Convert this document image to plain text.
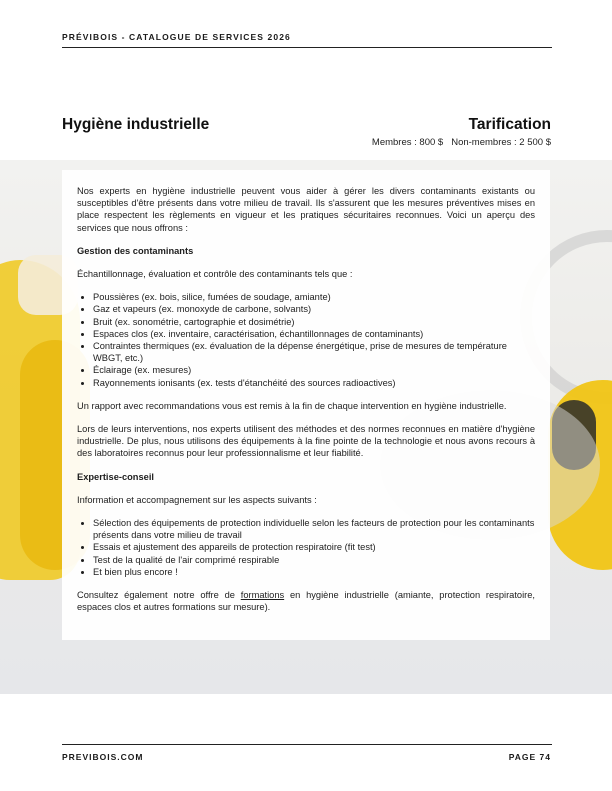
PRÉVIBOIS - CATALOGUE DE SERVICES 2026
Hygiène industrielle	Tarification
Membres : 800 $ Non-membres : 2 500 $

Nos experts en hygiène industrielle peuvent vous aider à gérer les divers contaminants existants ou susceptibles d'être présents dans votre milieu de travail. Ils s'assurent que les mesures préventives mises en place respectent les règlements en vigueur et les pratiques sécuritaires reconnues. Voici un aperçu des services que nous offrons :

Gestion des contaminants

Échantillonnage, évaluation et contrôle des contaminants tels que :

• Poussières (ex. bois, silice, fumées de soudage, amiante)
• Gaz et vapeurs (ex. monoxyde de carbone, solvants)
• Bruit (ex. sonométrie, cartographie et dosimétrie)
• Espaces clos (ex. inventaire, caractérisation, échantillonnages de contaminants)
• Contraintes thermiques (ex. évaluation de la dépense énergétique, prise de mesures de température WBGT, etc.)
• Éclairage (ex. mesures)
• Rayonnements ionisants (ex. tests d'étanchéité des sources radioactives)

Un rapport avec recommandations vous est remis à la fin de chaque intervention en hygiène industrielle.

Lors de leurs interventions, nos experts utilisent des méthodes et des normes reconnues en matière d'hygiène industrielle. De plus, nous utilisons des équipements à la fine pointe de la technologie et nous avons recours à des laboratoires reconnus pour leur professionnalisme et leur fiabilité.

Expertise-conseil

Information et accompagnement sur les aspects suivants :

• Sélection des équipements de protection individuelle selon les facteurs de protection pour les contaminants présents dans votre milieu de travail
• Essais et ajustement des appareils de protection respiratoire (fit test)
• Test de la qualité de l'air comprimé respirable
• Et bien plus encore !

Consultez également notre offre de formations en hygiène industrielle (amiante, protection respiratoire, espaces clos et autres formations sur mesure).

PREVIBOIS.COM	PAGE 74
